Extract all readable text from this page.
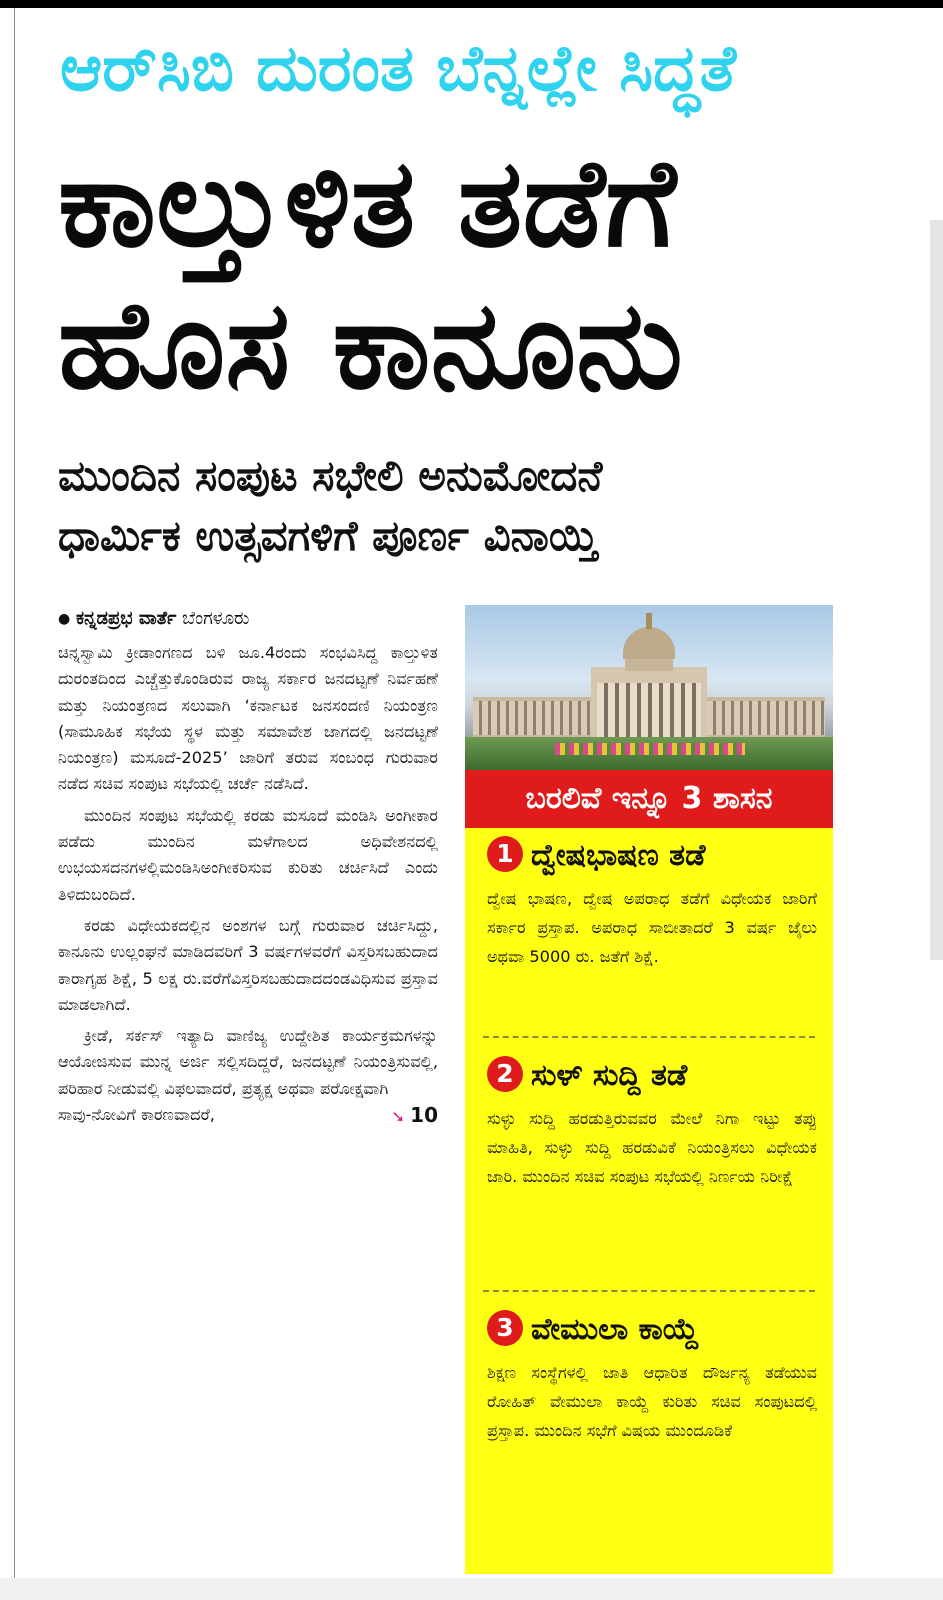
ಆರ್‌ಸಿಬಿ ದುರಂತ ಬೆನ್ನಲ್ಲೇ ಸಿದ್ಧತೆ
ಕಾಲ್ತುಳಿತ ತಡೆಗೆ
ಹೊಸ ಕಾನೂನು
ಮುಂದಿನ ಸಂಪುಟ ಸಭೇಲಿ ಅನುಮೋದನೆ
ಧಾರ್ಮಿಕ ಉತ್ಸವಗಳಿಗೆ ಪೂರ್ಣ ವಿನಾಯ್ತಿ
● ಕನ್ನಡಪ್ರಭ ವಾರ್ತೆ ಬೆಂಗಳೂರು

ಚಿನ್ನಸ್ವಾಮಿ ಕ್ರೀಡಾಂಗಣದ ಬಳಿ ಜೂ.4ರಂದು ಸಂಭವಿಸಿದ್ದ ಕಾಲ್ತುಳಿತ ದುರಂತದಿಂದ ಎಚ್ಚೆತ್ತುಕೊಂಡಿರುವ ರಾಜ್ಯ ಸರ್ಕಾರ ಜನದಟ್ಟಣೆ ನಿರ್ವಹಣೆ ಮತ್ತು ನಿಯಂತ್ರಣದ ಸಲುವಾಗಿ ‘ಕರ್ನಾಟಕ ಜನಸಂದಣಿ ನಿಯಂತ್ರಣ (ಸಾಮೂಹಿಕ ಸಭೆಯ ಸ್ಥಳ ಮತ್ತು ಸಮಾವೇಶ ಜಾಗದಲ್ಲಿ ಜನದಟ್ಟಣೆ ನಿಯಂತ್ರಣ) ಮಸೂದೆ-2025’ ಜಾರಿಗೆ ತರುವ ಸಂಬಂಧ ಗುರುವಾರ ನಡೆದ ಸಚಿವ ಸಂಪುಟ ಸಭೆಯಲ್ಲಿ ಚರ್ಚೆ ನಡೆಸಿದೆ.

ಮುಂದಿನ ಸಂಪುಟ ಸಭೆಯಲ್ಲಿ ಕರಡು ಮಸೂದೆ ಮಂಡಿಸಿ ಅಂಗೀಕಾರ ಪಡೆದು ಮುಂದಿನ ಮಳೆಗಾಲದ ಅಧಿವೇಶನದಲ್ಲಿ ಉಭಯಸದನಗಳಲ್ಲಿಮಂಡಿಸಿಅಂಗೀಕರಿಸುವ ಕುರಿತು ಚರ್ಚಿಸಿದೆ ಎಂದು ತಿಳಿದುಬಂದಿದೆ.

ಕರಡು ವಿಧೇಯಕದಲ್ಲಿನ ಅಂಶಗಳ ಬಗ್ಗೆ ಗುರುವಾರ ಚರ್ಚಿಸಿದ್ದು, ಕಾನೂನು ಉಲ್ಲಂಘನೆ ಮಾಡಿದವರಿಗೆ 3 ವರ್ಷಗಳವರೆಗೆ ವಿಸ್ತರಿಸಬಹುದಾದ ಕಾರಾಗೃಹ ಶಿಕ್ಷೆ, 5 ಲಕ್ಷ ರು.ವರೆಗೆವಿಸ್ತರಿಸಬಹುದಾದದಂಡವಿಧಿಸುವ ಪ್ರಸ್ತಾವ ಮಾಡಲಾಗಿದೆ.

ಕ್ರೀಡೆ, ಸರ್ಕಸ್ ಇತ್ಯಾದಿ ವಾಣಿಜ್ಯ ಉದ್ದೇಶಿತ ಕಾರ್ಯಕ್ರಮಗಳನ್ನು ಆಯೋಜಿಸುವ ಮುನ್ನ ಅರ್ಜಿ ಸಲ್ಲಿಸದಿದ್ದರೆ, ಜನದಟ್ಟಣೆ ನಿಯಂತ್ರಿಸುವಲ್ಲಿ, ಪರಿಹಾರ ನೀಡುವಲ್ಲಿ ವಿಫಲವಾದರೆ, ಪ್ರತ್ಯಕ್ಷ ಅಥವಾ ಪರೋಕ್ಷವಾಗಿ

ಸಾವು-ನೋವಿಗೆ ಕಾರಣವಾದರೆ,	➘ 10
ಬರಲಿವೆ ಇನ್ನೂ 3 ಶಾಸನ
1 ದ್ವೇಷಭಾಷಣ ತಡೆ
ದ್ವೇಷ ಭಾಷಣ, ದ್ವೇಷ ಅಪರಾಧ ತಡೆಗೆ ವಿಧೇಯಕ ಜಾರಿಗೆ ಸರ್ಕಾರ ಪ್ರಸ್ತಾಪ. ಅಪರಾಧ ಸಾಬೀತಾದರೆ 3 ವರ್ಷ ಜೈಲು ಅಥವಾ 5000 ರು. ಜತೆಗೆ ಶಿಕ್ಷೆ.
2 ಸುಳ್ ಸುದ್ದಿ ತಡೆ
ಸುಳ್ಳು ಸುದ್ದಿ ಹರಡುತ್ತಿರುವವರ ಮೇಲೆ ನಿಗಾ ಇಟ್ಟು ತಪ್ಪು ಮಾಹಿತಿ, ಸುಳ್ಳು ಸುದ್ದಿ ಹರಡುವಿಕೆ ನಿಯಂತ್ರಿಸಲು ವಿಧೇಯಕ ಜಾರಿ. ಮುಂದಿನ ಸಚಿವ ಸಂಪುಟ ಸಭೆಯಲ್ಲಿ ನಿರ್ಣಯ ನಿರೀಕ್ಷೆ
3 ವೇಮುಲಾ ಕಾಯ್ದೆ
ಶಿಕ್ಷಣ ಸಂಸ್ಥೆಗಳಲ್ಲಿ ಜಾತಿ ಆಧಾರಿತ ದೌರ್ಜನ್ಯ ತಡೆಯುವ ರೋಹಿತ್ ವೇಮುಲಾ ಕಾಯ್ದೆ ಕುರಿತು ಸಚಿವ ಸಂಪುಟದಲ್ಲಿ ಪ್ರಸ್ತಾಪ. ಮುಂದಿನ ಸಭೆಗೆ ವಿಷಯ ಮುಂದೂಡಿಕೆ
